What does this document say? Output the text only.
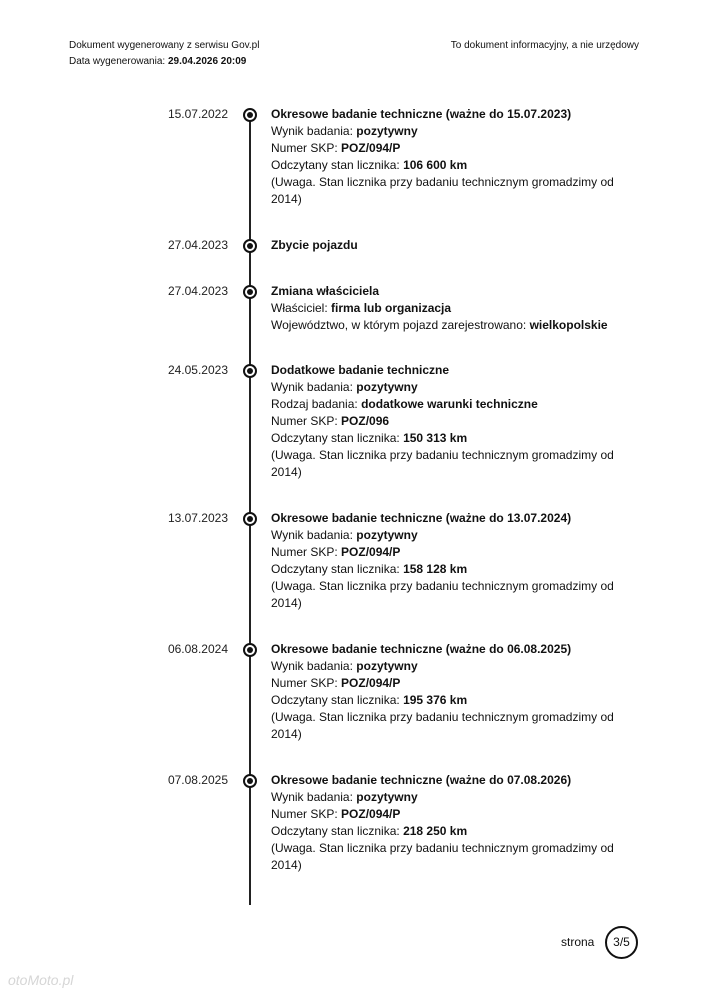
Dokument wygenerowany z serwisu Gov.pl
Data wygenerowania: 29.04.2026 20:09
To dokument informacyjny, a nie urzędowy
15.07.2022	Okresowe badanie techniczne (ważne do 15.07.2023)
Wynik badania: pozytywny
Numer SKP: POZ/094/P
Odczytany stan licznika: 106 600 km
(Uwaga. Stan licznika przy badaniu technicznym gromadzimy od 2014)
27.04.2023	Zbycie pojazdu
27.04.2023	Zmiana właściciela
Właściciel: firma lub organizacja
Województwo, w którym pojazd zarejestrowano: wielkopolskie
24.05.2023	Dodatkowe badanie techniczne
Wynik badania: pozytywny
Rodzaj badania: dodatkowe warunki techniczne
Numer SKP: POZ/096
Odczytany stan licznika: 150 313 km
(Uwaga. Stan licznika przy badaniu technicznym gromadzimy od 2014)
13.07.2023	Okresowe badanie techniczne (ważne do 13.07.2024)
Wynik badania: pozytywny
Numer SKP: POZ/094/P
Odczytany stan licznika: 158 128 km
(Uwaga. Stan licznika przy badaniu technicznym gromadzimy od 2014)
06.08.2024	Okresowe badanie techniczne (ważne do 06.08.2025)
Wynik badania: pozytywny
Numer SKP: POZ/094/P
Odczytany stan licznika: 195 376 km
(Uwaga. Stan licznika przy badaniu technicznym gromadzimy od 2014)
07.08.2025	Okresowe badanie techniczne (ważne do 07.08.2026)
Wynik badania: pozytywny
Numer SKP: POZ/094/P
Odczytany stan licznika: 218 250 km
(Uwaga. Stan licznika przy badaniu technicznym gromadzimy od 2014)
strona	3/5
otoMoto.pl
